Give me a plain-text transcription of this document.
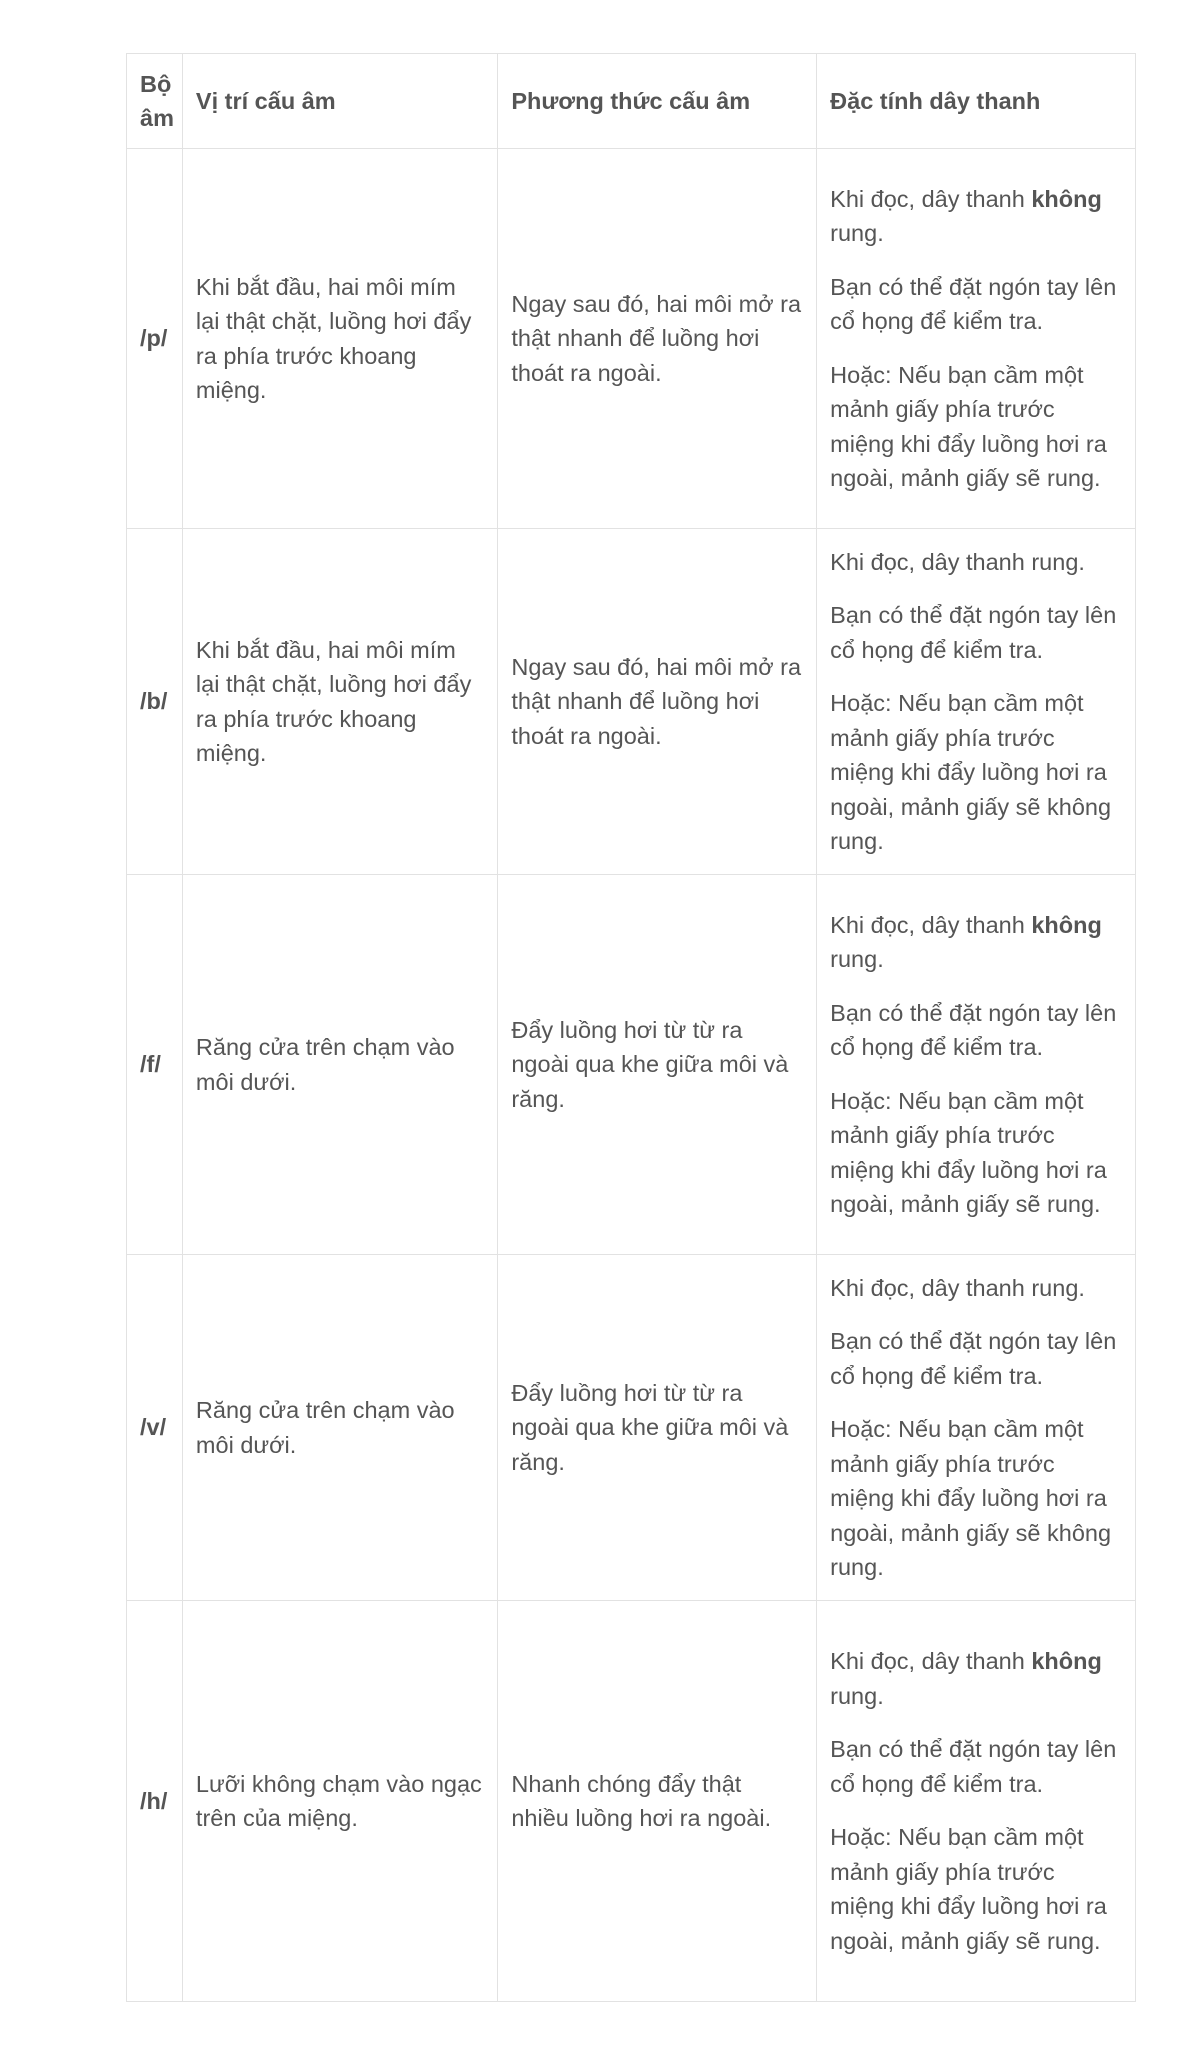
Bộ âm	Vị trí cấu âm	Phương thức cấu âm	Đặc tính dây thanh
/p/	Khi bắt đầu, hai môi mím lại thật chặt, luồng hơi đẩy ra phía trước khoang miệng.	Ngay sau đó, hai môi mở ra thật nhanh để luồng hơi thoát ra ngoài.	Khi đọc, dây thanh không rung.

Bạn có thể đặt ngón tay lên cổ họng để kiểm tra.

Hoặc: Nếu bạn cầm một mảnh giấy phía trước miệng khi đẩy luồng hơi ra ngoài, mảnh giấy sẽ rung.

/b/	Khi bắt đầu, hai môi mím lại thật chặt, luồng hơi đẩy ra phía trước khoang miệng.	Ngay sau đó, hai môi mở ra thật nhanh để luồng hơi thoát ra ngoài.	Khi đọc, dây thanh rung.

Bạn có thể đặt ngón tay lên cổ họng để kiểm tra.

Hoặc: Nếu bạn cầm một mảnh giấy phía trước miệng khi đẩy luồng hơi ra ngoài, mảnh giấy sẽ không rung.

/f/	Răng cửa trên chạm vào môi dưới.	Đẩy luồng hơi từ từ ra ngoài qua khe giữa môi và răng.	Khi đọc, dây thanh không rung.

Bạn có thể đặt ngón tay lên cổ họng để kiểm tra.

Hoặc: Nếu bạn cầm một mảnh giấy phía trước miệng khi đẩy luồng hơi ra ngoài, mảnh giấy sẽ rung.

/v/	Răng cửa trên chạm vào môi dưới.	Đẩy luồng hơi từ từ ra ngoài qua khe giữa môi và răng.	Khi đọc, dây thanh rung.

Bạn có thể đặt ngón tay lên cổ họng để kiểm tra.

Hoặc: Nếu bạn cầm một mảnh giấy phía trước miệng khi đẩy luồng hơi ra ngoài, mảnh giấy sẽ không rung.

/h/	Lưỡi không chạm vào ngạc trên của miệng.	Nhanh chóng đẩy thật nhiều luồng hơi ra ngoài.	Khi đọc, dây thanh không rung.

Bạn có thể đặt ngón tay lên cổ họng để kiểm tra.

Hoặc: Nếu bạn cầm một mảnh giấy phía trước miệng khi đẩy luồng hơi ra ngoài, mảnh giấy sẽ rung.
